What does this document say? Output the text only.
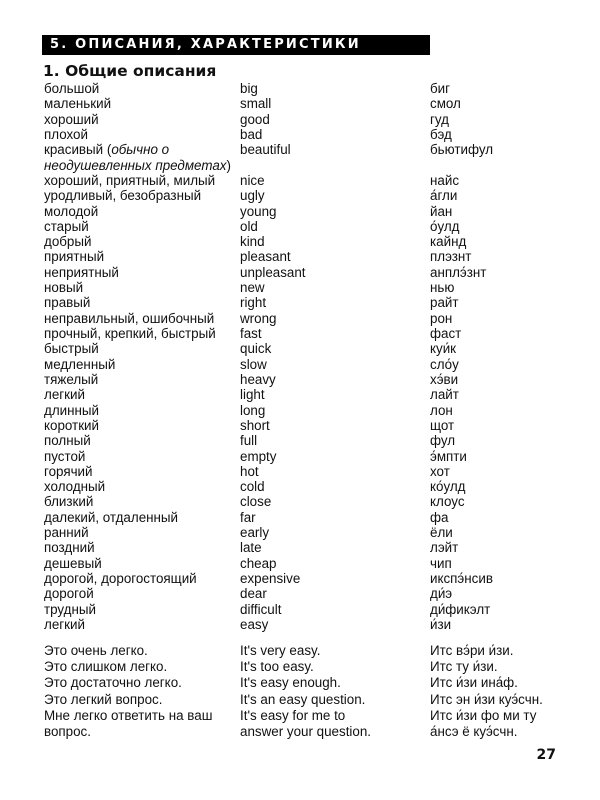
5. ОПИСАНИЯ, ХАРАКТЕРИСТИКИ
1. Общие описания
большой	big	биг
маленький	small	смол
хороший	good	гуд
плохой	bad	бэд
красивый (обычно о	beautiful	бьютифул
неодушевленных предметах)
хороший, приятный, милый nice	найс
уродливый, безобразный	ugly	а́гли
молодой	young	йан
старый	old	о́улд
добрый	kind	кайнд
приятный	pleasant	плэзнт
неприятный	unpleasant	анплэ́знт
новый	new	нью
правый	right	райт
неправильный, ошибочный wrong	рон
прочный, крепкий, быстрый fast	фаст
быстрый	quick	куи́к
медленный	slow	сло́у
тяжелый	heavy	хэ́ви
легкий	light	лайт
длинный	long	лон
короткий	short	щот
полный	full	фул
пустой	empty	э́мпти
горячий	hot	хот
холодный	cold	ко́улд
близкий	close	клоус
далекий, отдаленный	far	фа
ранний	early	ёли
поздний	late	лэйт
дешевый	cheap	чип
дорогой, дорогостоящий	expensive	икспэ́нсив
дорогой	dear	ди́э
трудный	difficult	ди́фикэлт
легкий	easy	и́зи
Это очень легко.	It's very easy.	Итс вэ́ри и́зи.
Это слишком легко.	It's too easy.	Итс ту и́зи.
Это достаточно легко.	It's easy enough.	Итс и́зи ина́ф.
Это легкий вопрос.	It's an easy question.	Итс эн и́зи куэ́счн.
Мне легко ответить на ваш It's easy for me to	Итс и́зи фо ми ту
вопрос.	answer your question.	а́нсэ ё куэ́счн.
27
